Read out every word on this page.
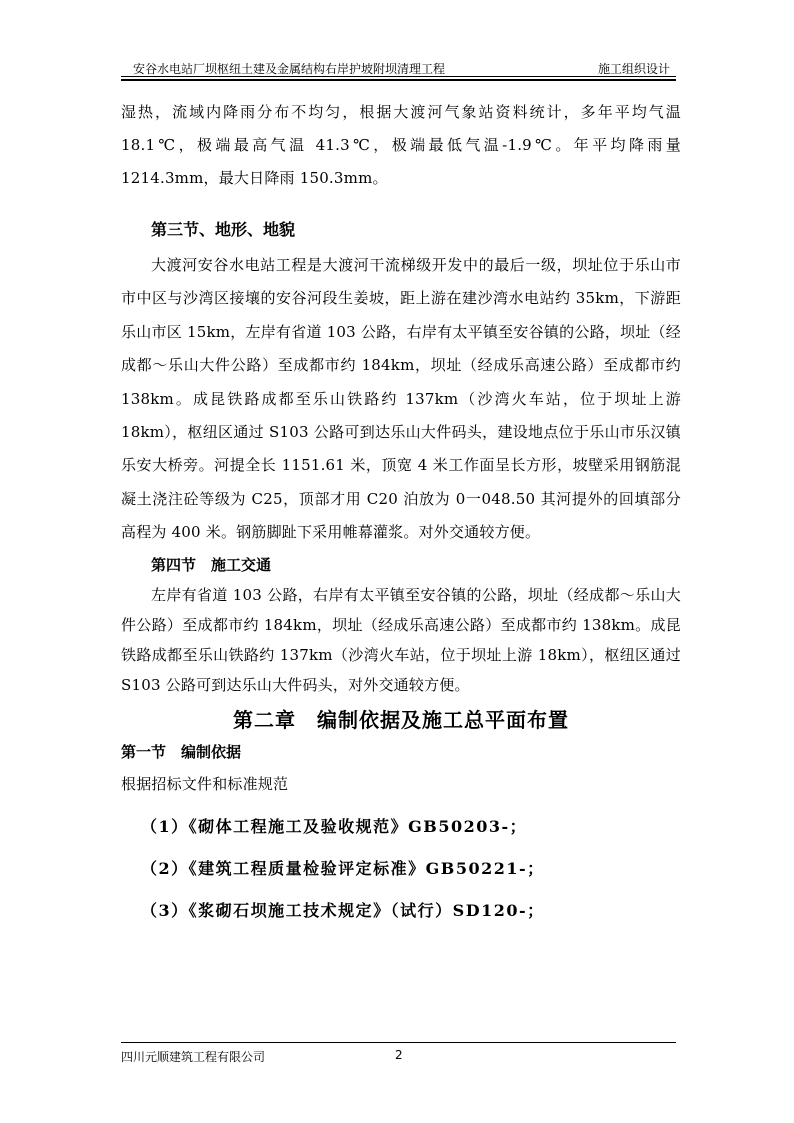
安谷水电站厂坝枢纽土建及金属结构右岸护坡附坝清理工程	施工组织设计

湿热，流域内降雨分布不均匀，根据大渡河气象站资料统计，多年平均气温 18.1℃，极端最高气温 41.3℃，极端最低气温-1.9℃。年平均降雨量 1214.3mm，最大日降雨 150.3mm。

第三节、地形、地貌

大渡河安谷水电站工程是大渡河干流梯级开发中的最后一级，坝址位于乐山市市中区与沙湾区接壤的安谷河段生姜坡，距上游在建沙湾水电站约 35km，下游距乐山市区 15km，左岸有省道 103 公路，右岸有太平镇至安谷镇的公路，坝址（经成都～乐山大件公路）至成都市约 184km，坝址（经成乐高速公路）至成都市约 138km。成昆铁路成都至乐山铁路约 137km（沙湾火车站，位于坝址上游 18km），枢纽区通过 S103 公路可到达乐山大件码头，建设地点位于乐山市乐汉镇乐安大桥旁。河提全长 1151.61 米，顶宽 4 米工作面呈长方形，坡壁采用钢筋混凝土浇注砼等级为 C25，顶部才用 C20 泊放为 0一048.50 其河提外的回填部分高程为 400 米。钢筋脚趾下采用帷幕灌浆。对外交通较方便。

第四节　施工交通

左岸有省道 103 公路，右岸有太平镇至安谷镇的公路，坝址（经成都～乐山大件公路）至成都市约 184km，坝址（经成乐高速公路）至成都市约 138km。成昆铁路成都至乐山铁路约 137km（沙湾火车站，位于坝址上游 18km），枢纽区通过 S103 公路可到达乐山大件码头，对外交通较方便。

第二章　编制依据及施工总平面布置

第一节　编制依据

根据招标文件和标准规范

（1）《砌体工程施工及验收规范》GB50203-；

（2）《建筑工程质量检验评定标准》GB50221-；

（3）《浆砌石坝施工技术规定》（试行）SD120-；

四川元顺建筑工程有限公司	2
